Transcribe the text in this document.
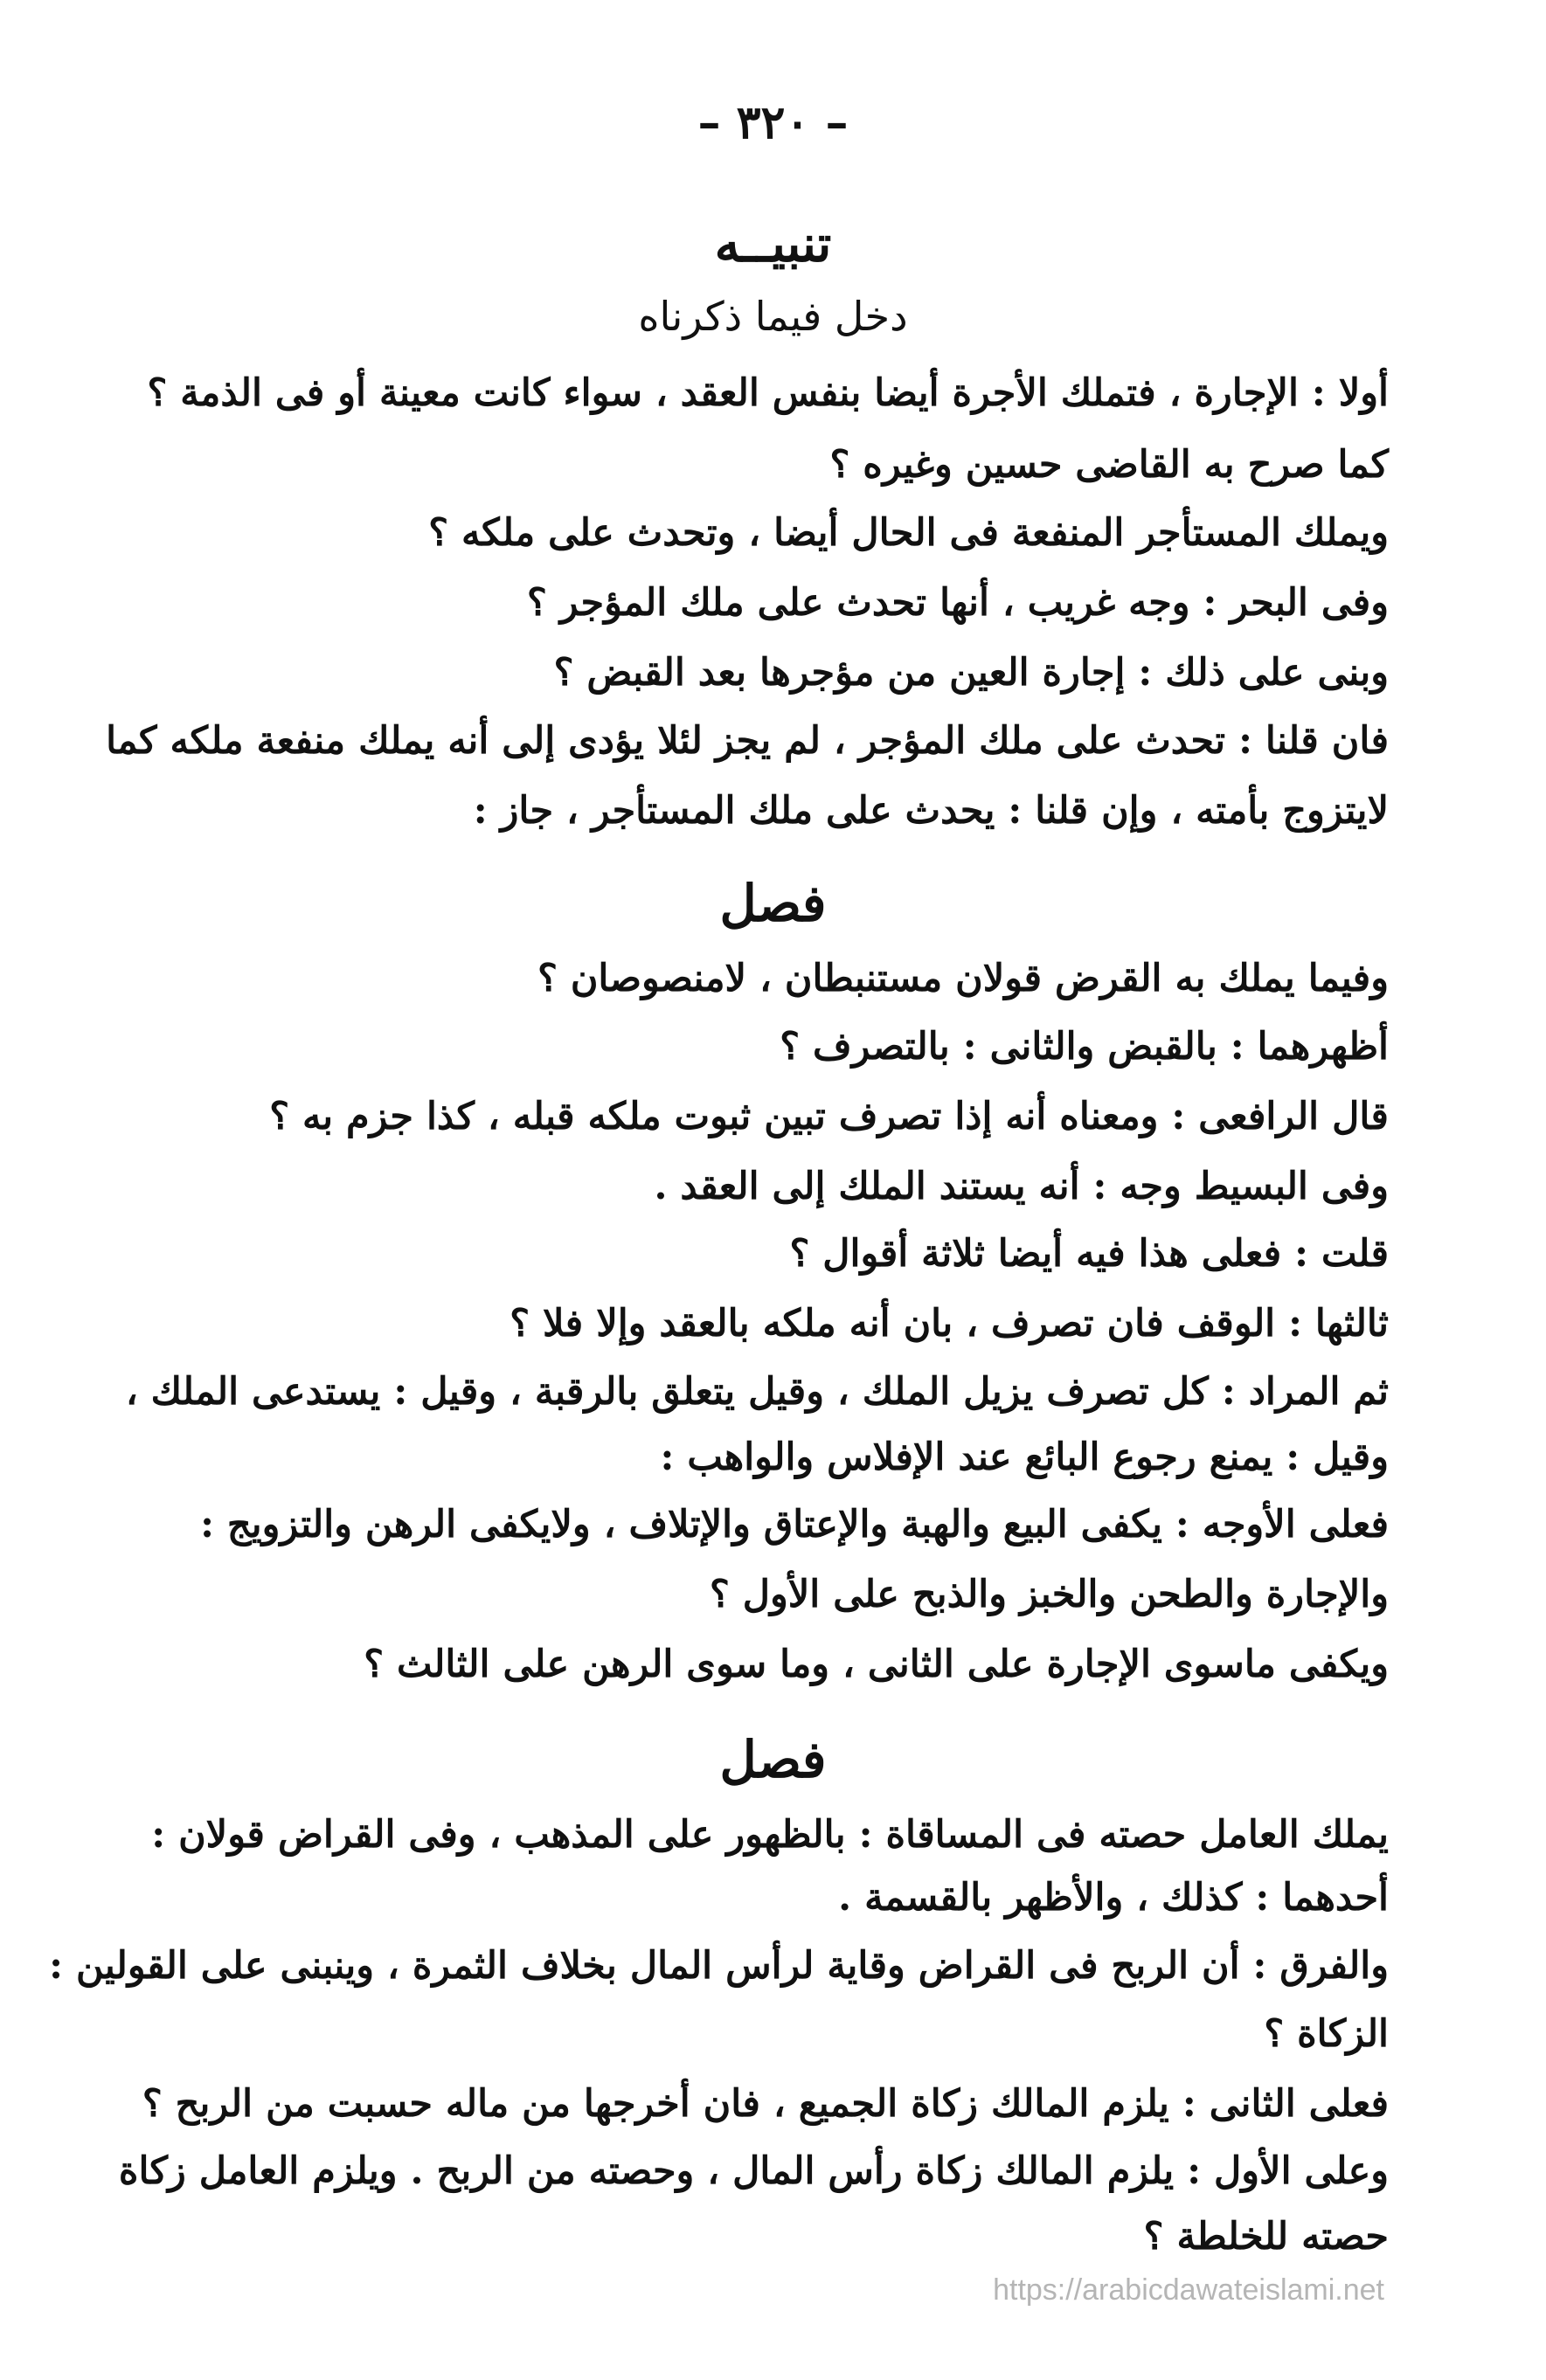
– ٣٢٠ –
تنبيــه
دخل فيما ذكرناه
أولا : الإجارة ، فتملك الأجرة أيضا بنفس العقد ، سواء كانت معينة أو فى الذمة ؟
كما صرح به القاضى حسين وغيره ؟
ويملك المستأجر المنفعة فى الحال أيضا ، وتحدث على ملكه ؟
وفى البحر : وجه غريب ، أنها تحدث على ملك المؤجر ؟
وبنى على ذلك : إجارة العين من مؤجرها بعد القبض ؟
فان قلنا : تحدث على ملك المؤجر ، لم يجز لئلا يؤدى إلى أنه يملك منفعة ملكه كما
لايتزوج بأمته ، وإن قلنا : يحدث على ملك المستأجر ، جاز :
فصل
وفيما يملك به القرض قولان مستنبطان ، لامنصوصان ؟
أظهرهما : بالقبض والثانى : بالتصرف ؟
قال الرافعى : ومعناه أنه إذا تصرف تبين ثبوت ملكه قبله ، كذا جزم به ؟
وفى البسيط وجه : أنه يستند الملك إلى العقد .
قلت : فعلى هذا فيه أيضا ثلاثة أقوال ؟
ثالثها : الوقف فان تصرف ، بان أنه ملكه بالعقد وإلا فلا ؟
ثم المراد : كل تصرف يزيل الملك ، وقيل يتعلق بالرقبة ، وقيل : يستدعى الملك ،
وقيل : يمنع رجوع البائع عند الإفلاس والواهب :
فعلى الأوجه : يكفى البيع والهبة والإعتاق والإتلاف ، ولايكفى الرهن والتزويج :
والإجارة والطحن والخبز والذبح على الأول ؟
ويكفى ماسوى الإجارة على الثانى ، وما سوى الرهن على الثالث ؟
فصل
يملك العامل حصته فى المساقاة : بالظهور على المذهب ، وفى القراض قولان :
أحدهما : كذلك ، والأظهر بالقسمة .
والفرق : أن الربح فى القراض وقاية لرأس المال بخلاف الثمرة ، وينبنى على القولين :
الزكاة ؟
فعلى الثانى : يلزم المالك زكاة الجميع ، فان أخرجها من ماله حسبت من الربح ؟
وعلى الأول : يلزم المالك زكاة رأس المال ، وحصته من الربح . ويلزم العامل زكاة
حصته للخلطة ؟
https://arabicdawateislami.net
